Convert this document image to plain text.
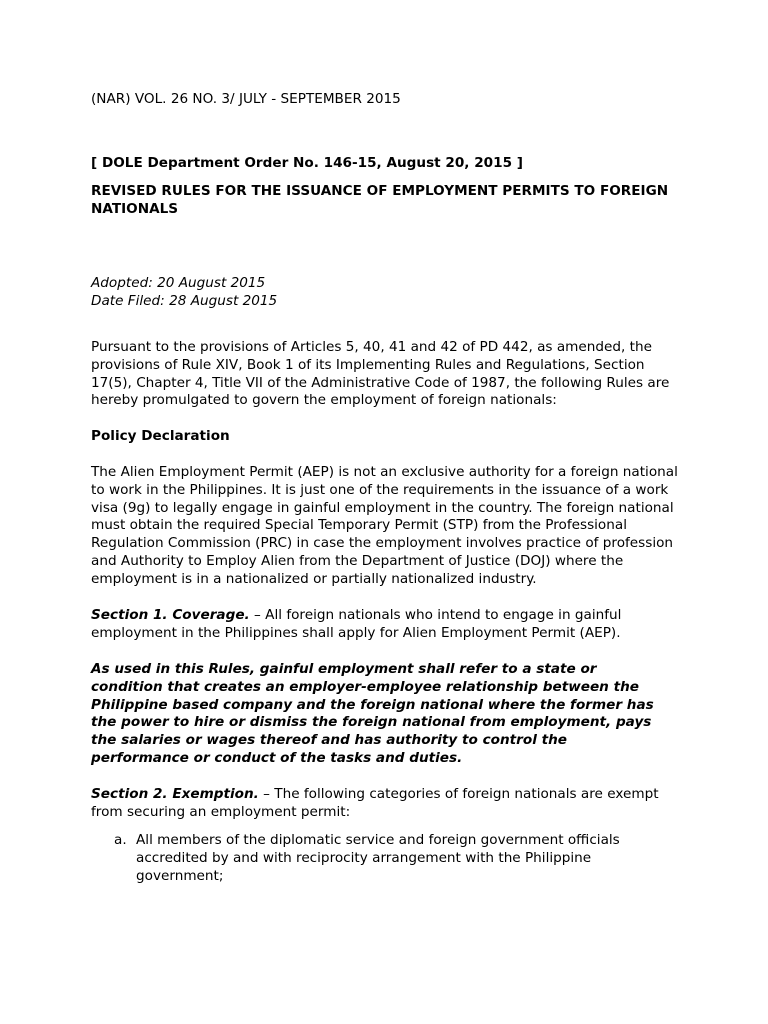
(NAR) VOL. 26 NO. 3/ JULY - SEPTEMBER 2015

[ DOLE Department Order No. 146-15, August 20, 2015 ]

REVISED RULES FOR THE ISSUANCE OF EMPLOYMENT PERMITS TO FOREIGN NATIONALS

Adopted: 20 August 2015

Date Filed: 28 August 2015

Pursuant to the provisions of Articles 5, 40, 41 and 42 of PD 442, as amended, the provisions of Rule XIV, Book 1 of its Implementing Rules and Regulations, Section 17(5), Chapter 4, Title VII of the Administrative Code of 1987, the following Rules are hereby promulgated to govern the employment of foreign nationals:

Policy Declaration

The Alien Employment Permit (AEP) is not an exclusive authority for a foreign national to work in the Philippines. It is just one of the requirements in the issuance of a work visa (9g) to legally engage in gainful employment in the country. The foreign national must obtain the required Special Temporary Permit (STP) from the Professional Regulation Commission (PRC) in case the employment involves practice of profession and Authority to Employ Alien from the Department of Justice (DOJ) where the employment is in a nationalized or partially nationalized industry.

Section 1. Coverage. – All foreign nationals who intend to engage in gainful employment in the Philippines shall apply for Alien Employment Permit (AEP).

As used in this Rules, gainful employment shall refer to a state or condition that creates an employer-employee relationship between the Philippine based company and the foreign national where the former has the power to hire or dismiss the foreign national from employment, pays the salaries or wages thereof and has authority to control the performance or conduct of the tasks and duties.

Section 2. Exemption. – The following categories of foreign nationals are exempt from securing an employment permit:

a. All members of the diplomatic service and foreign government officials accredited by and with reciprocity arrangement with the Philippine government;
